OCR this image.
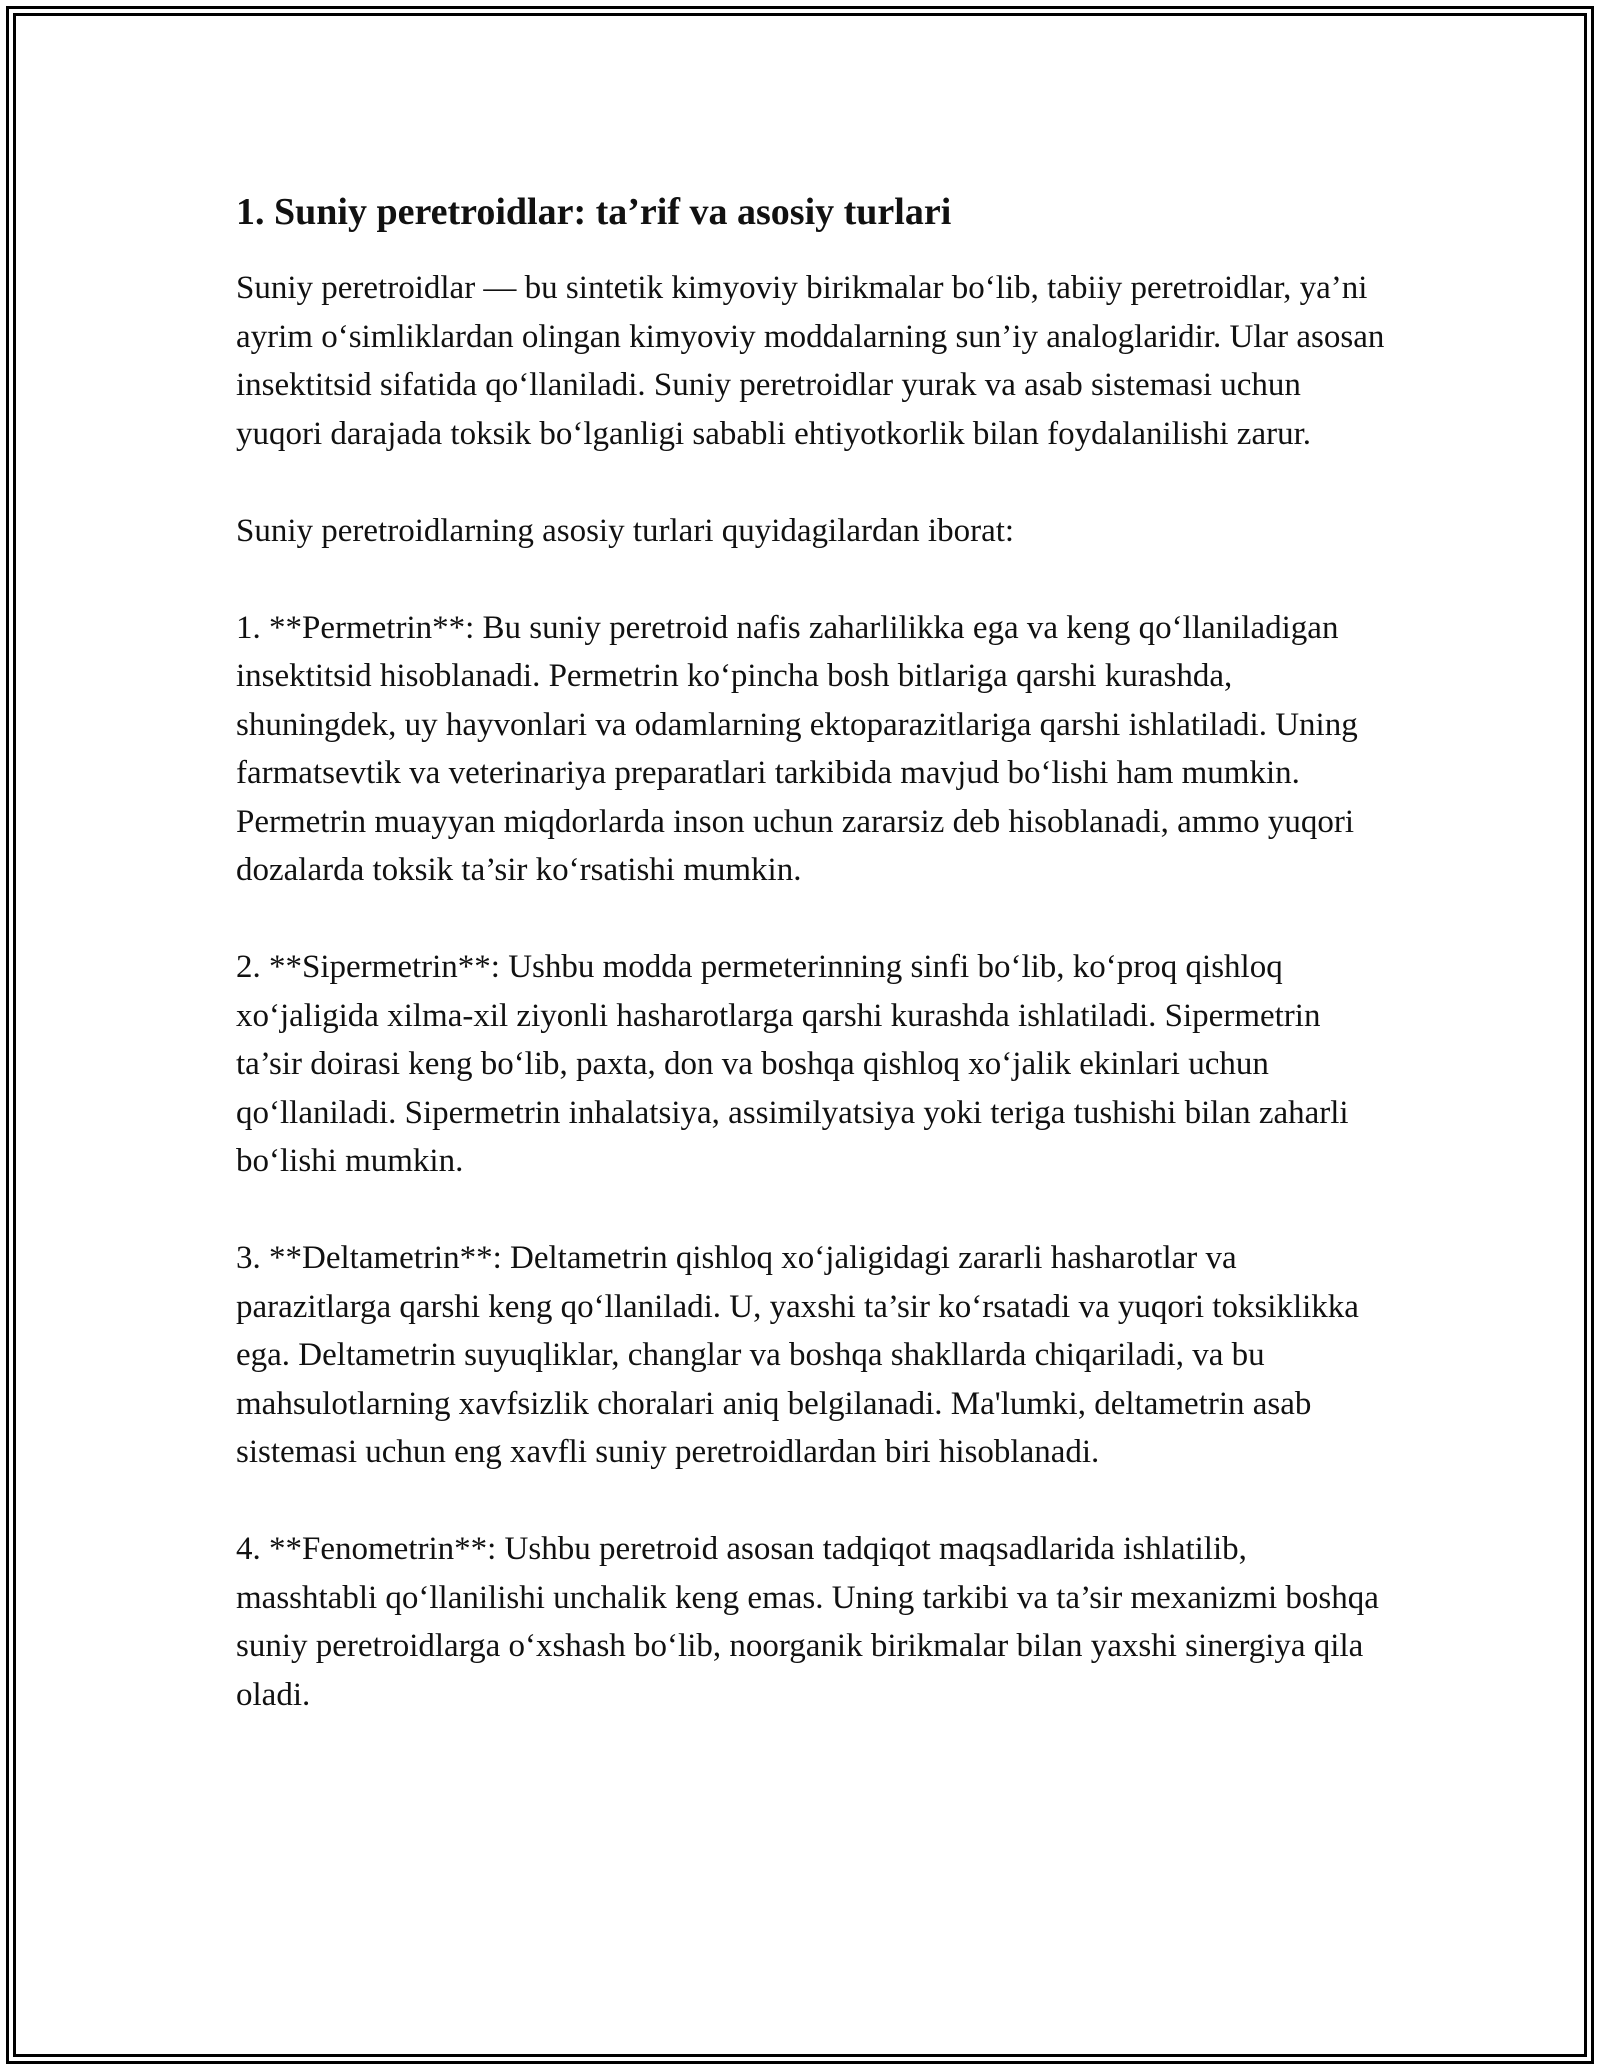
1. Suniy peretroidlar: ta’rif va asosiy turlari

Suniy peretroidlar — bu sintetik kimyoviy birikmalar bo‘lib, tabiiy peretroidlar, ya’ni ayrim o‘simliklardan olingan kimyoviy moddalarning sun’iy analoglaridir. Ular asosan insektitsid sifatida qo‘llaniladi. Suniy peretroidlar yurak va asab sistemasi uchun yuqori darajada toksik bo‘lganligi sababli ehtiyotkorlik bilan foydalanilishi zarur.

Suniy peretroidlarning asosiy turlari quyidagilardan iborat:

1. **Permetrin**: Bu suniy peretroid nafis zaharlilikka ega va keng qo‘llaniladigan insektitsid hisoblanadi. Permetrin ko‘pincha bosh bitlariga qarshi kurashda, shuningdek, uy hayvonlari va odamlarning ektoparazitlariga qarshi ishlatiladi. Uning farmatsevtik va veterinariya preparatlari tarkibida mavjud bo‘lishi ham mumkin. Permetrin muayyan miqdorlarda inson uchun zararsiz deb hisoblanadi, ammo yuqori dozalarda toksik ta’sir ko‘rsatishi mumkin.

2. **Sipermetrin**: Ushbu modda permeterinning sinfi bo‘lib, ko‘proq qishloq xo‘jaligida xilma-xil ziyonli hasharotlarga qarshi kurashda ishlatiladi. Sipermetrin ta’sir doirasi keng bo‘lib, paxta, don va boshqa qishloq xo‘jalik ekinlari uchun qo‘llaniladi. Sipermetrin inhalatsiya, assimilyatsiya yoki teriga tushishi bilan zaharli bo‘lishi mumkin.

3. **Deltametrin**: Deltametrin qishloq xo‘jaligidagi zararli hasharotlar va parazitlarga qarshi keng qo‘llaniladi. U, yaxshi ta’sir ko‘rsatadi va yuqori toksiklikka ega. Deltametrin suyuqliklar, changlar va boshqa shakllarda chiqariladi, va bu mahsulotlarning xavfsizlik choralari aniq belgilanadi. Ma'lumki, deltametrin asab sistemasi uchun eng xavfli suniy peretroidlardan biri hisoblanadi.

4. **Fenometrin**: Ushbu peretroid asosan tadqiqot maqsadlarida ishlatilib, masshtabli qo‘llanilishi unchalik keng emas. Uning tarkibi va ta’sir mexanizmi boshqa suniy peretroidlarga o‘xshash bo‘lib, noorganik birikmalar bilan yaxshi sinergiya qila oladi.
